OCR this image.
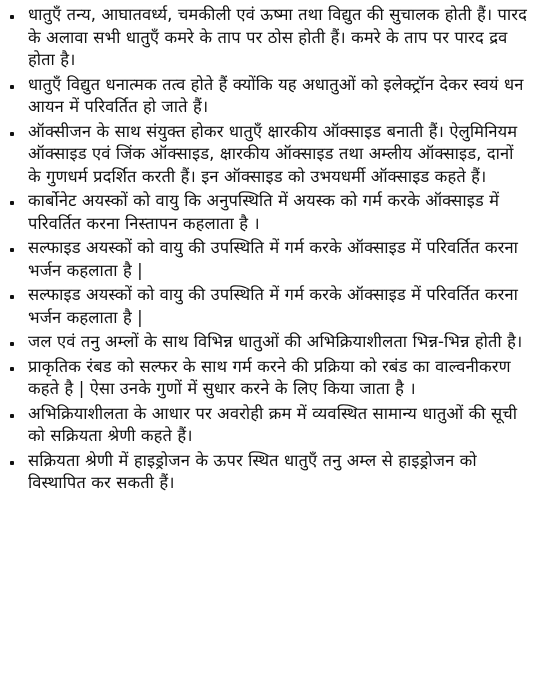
धातुएँ तन्य, आघातवर्ध्य, चमकीली एवं ऊष्मा तथा विद्युत की सुचालक होती हैं। पारद के अलावा सभी धातुएँ कमरे के ताप पर ठोस होती हैं। कमरे के ताप पर पारद द्रव होता है।
धातुएँ विद्युत धनात्मक तत्व होते हैं क्योंकि यह अधातुओं को इलेक्ट्रॉन देकर स्वयं धन आयन में परिवर्तित हो जाते हैं।
ऑक्सीजन के साथ संयुक्त होकर धातुएँ क्षारकीय ऑक्साइड बनाती हैं। ऐलुमिनियम ऑक्साइड एवं जिंक ऑक्साइड, क्षारकीय ऑक्साइड तथा अम्लीय ऑक्साइड, दानों के गुणधर्म प्रदर्शित करती हैं। इन ऑक्साइड को उभयधर्मी ऑक्साइड कहते हैं।
कार्बोनेट अयस्कों को वायु कि अनुपस्थिति में अयस्क को गर्म करके ऑक्साइड में परिवर्तित करना निस्तापन कहलाता है ।
सल्फाइड अयस्कों को वायु की उपस्थिति में गर्म करके ऑक्साइड में परिवर्तित करना भर्जन कहलाता है |
सल्फाइड अयस्कों को वायु की उपस्थिति में गर्म करके ऑक्साइड में परिवर्तित करना भर्जन कहलाता है |
जल एवं तनु अम्लों के साथ विभिन्न धातुओं की अभिक्रियाशीलता भिन्न-भिन्न होती है।
प्राकृतिक रंबड को सल्फर के साथ गर्म करने की प्रक्रिया को रबंड का वाल्वनीकरण कहते है | ऐसा उनके गुणों में सुधार करने के लिए किया जाता है ।
अभिक्रियाशीलता के आधार पर अवरोही क्रम में व्यवस्थित सामान्य धातुओं की सूची को सक्रियता श्रेणी कहते हैं।
सक्रियता श्रेणी में हाइड्रोजन के ऊपर स्थित धातुएँ तनु अम्ल से हाइड्रोजन को विस्थापित कर सकती हैं।
